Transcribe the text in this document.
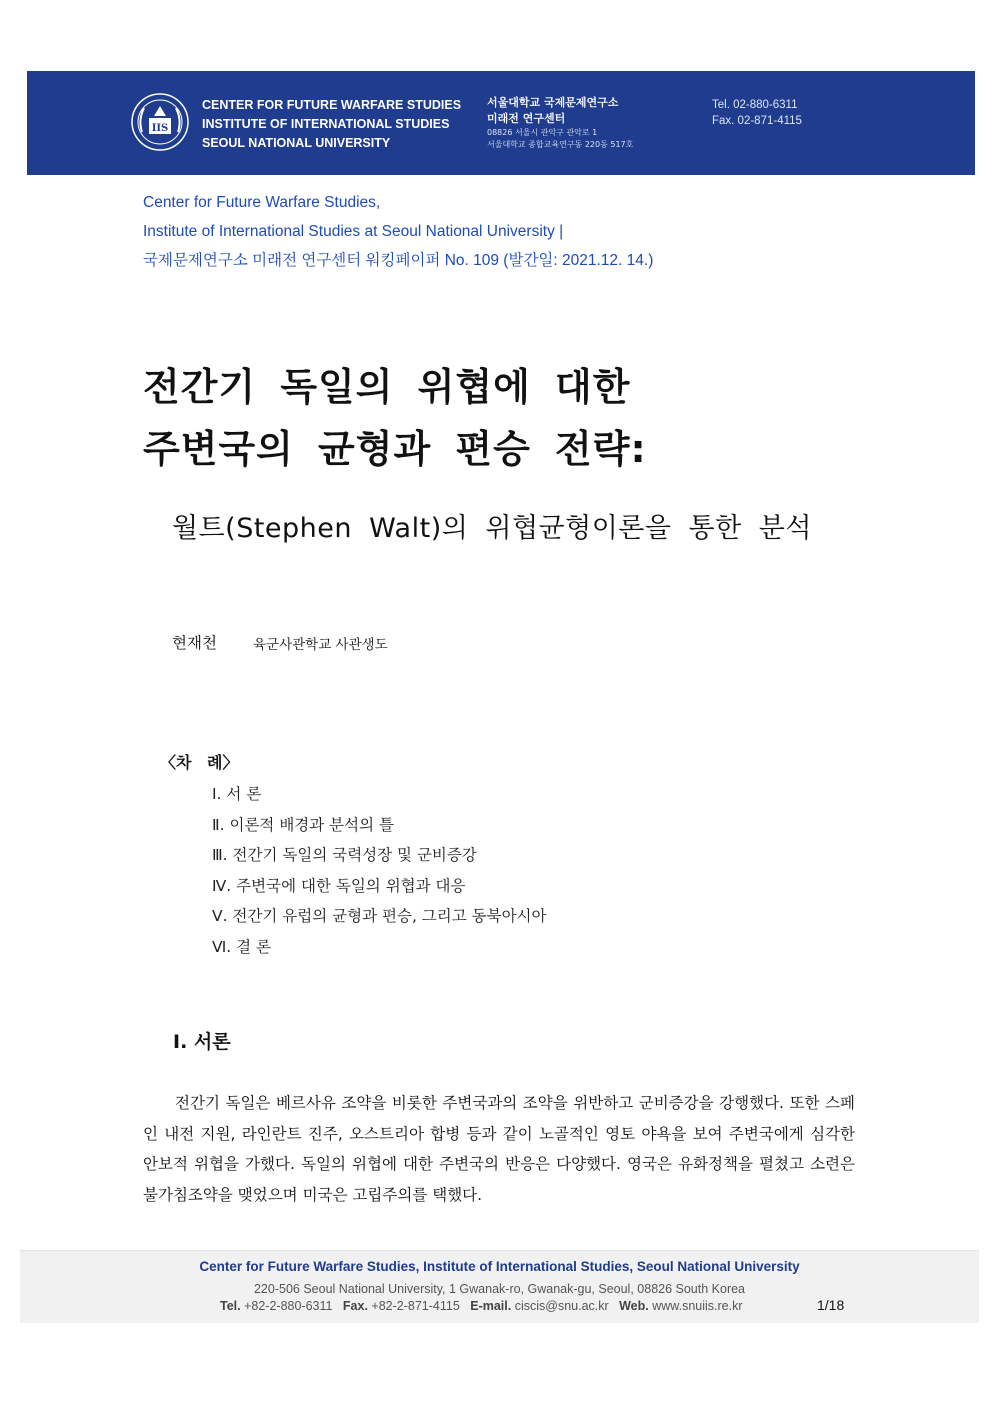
IIS
CENTER FOR FUTURE WARFARE STUDIES
INSTITUTE OF INTERNATIONAL STUDIES
SEOUL NATIONAL UNIVERSITY
서울대학교 국제문제연구소
미래전 연구센터
08826 서울시 관악구 관악로 1
서울대학교 종합교육연구동 220동 517호
Tel. 02-880-6311
Fax. 02-871-4115
Center for Future Warfare Studies,
Institute of International Studies at Seoul National University |
국제문제연구소 미래전 연구센터 워킹페이퍼 No. 109 (발간일: 2021.12. 14.)
전간기 독일의 위협에 대한
주변국의 균형과 편승 전략:
월트(Stephen Walt)의 위협균형이론을 통한 분석
현재천	육군사관학교 사관생도
〈차 례〉
Ⅰ. 서 론
Ⅱ. 이론적 배경과 분석의 틀
Ⅲ. 전간기 독일의 국력성장 및 군비증강
Ⅳ. 주변국에 대한 독일의 위협과 대응
Ⅴ. 전간기 유럽의 균형과 편승, 그리고 동북아시아
Ⅵ. 결 론
Ⅰ. 서론
전간기 독일은 베르사유 조약을 비롯한 주변국과의 조약을 위반하고 군비증강을 강행했다. 또한 스페인 내전 지원, 라인란트 진주, 오스트리아 합병 등과 같이 노골적인 영토 야욕을 보여 주변국에게 심각한 안보적 위협을 가했다. 독일의 위협에 대한 주변국의 반응은 다양했다. 영국은 유화정책을 펼쳤고 소련은 불가침조약을 맺었으며 미국은 고립주의를 택했다.
Center for Future Warfare Studies, Institute of International Studies, Seoul National University
220-506 Seoul National University, 1 Gwanak-ro, Gwanak-gu, Seoul, 08826 South Korea
Tel. +82-2-880-6311 Fax. +82-2-871-4115 E-mail. ciscis@snu.ac.kr Web. www.snuiis.re.kr	1/18
